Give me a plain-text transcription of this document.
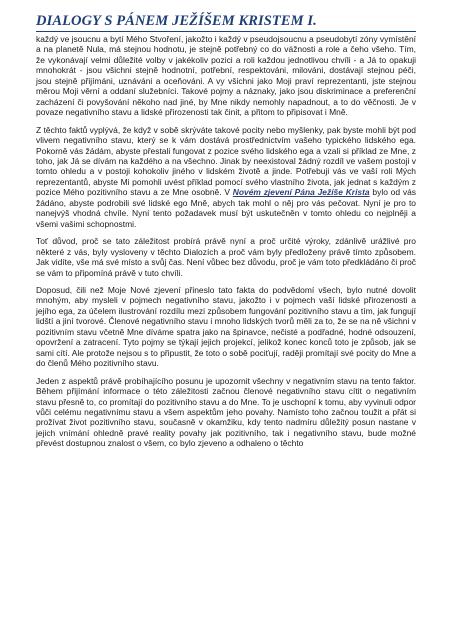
DIALOGY S PÁNEM JEŽÍŠEM KRISTEM I.

každý ve jsoucnu a bytí Mého Stvoření, jakožto i každý v pseudojsoucnu a pseudobytí zóny vymístění a na planetě Nula, má stejnou hodnotu, je stejně potřebný co do vážnosti a role a čeho všeho. Tím, že vykonávají velmi důležité volby v jakékoliv pozici a roli každou jednotlivou chvíli - a Já to opakuji mnohokrát - jsou všichni stejně hodnotní, potřební, respektováni, milováni, dostávají stejnou péči, jsou stejně přijímáni, uznáváni a oceňováni. A vy všichni jako Moji praví reprezentanti, jste stejnou měrou Moji věrní a oddaní služebníci. Takové pojmy a náznaky, jako jsou diskriminace a preferenční zacházení či povyšování někoho nad jiné, by Mne nikdy nemohly napadnout, a to do věčnosti. Je v povaze negativního stavu a lidské přirozenosti tak činit, a přitom to připisovat i Mně.

Z těchto faktů vyplývá, že když v sobě skrýváte takové pocity nebo myšlenky, pak byste mohli být pod vlivem negativního stavu, který se k vám dostává prostřednictvím vašeho typického lidského ega. Pokorně vás žádám, abyste přestali fungovat z pozice svého lidského ega a vzali si příklad ze Mne, z toho, jak Já se dívám na každého a na všechno. Jinak by neexistoval žádný rozdíl ve vašem postoji v tomto ohledu a v postoji kohokoliv jiného v lidském životě a jinde. Potřebuji vás ve vaší roli Mých reprezentantů, abyste Mi pomohli uvést příklad pomocí svého vlastního života, jak jednat s každým z pozice Mého pozitivního stavu a ze Mne osobně. V Novém zjevení Pána Ježíše Krista bylo od vás žádáno, abyste podrobili své lidské ego Mně, abych tak mohl o něj pro vás pečovat. Nyní je pro to nanejvýš vhodná chvíle. Nyní tento požadavek musí být uskutečněn v tomto ohledu co nejplněji a všemi vašimi schopnostmi.

Toť důvod, proč se tato záležitost probírá právě nyní a proč určité výroky, zdánlivě urážlivé pro některé z vás, byly vysloveny v těchto Dialozích a proč vám byly předloženy právě tímto způsobem. Jak vidíte, vše má své místo a svůj čas. Není vůbec bez důvodu, proč je vám toto předkládáno či proč se vám to připomíná právě v tuto chvíli.

Doposud, čili než Moje Nové zjevení přineslo tato fakta do podvědomí všech, bylo nutné dovolit mnohým, aby mysleli v pojmech negativního stavu, jakožto i v pojmech vaší lidské přirozenosti a jejího ega, za účelem ilustrování rozdílu mezi způsobem fungování pozitivního stavu a tím, jak fungují lidští a jiní tvorové. Členové negativního stavu i mnoho lidských tvorů měli za to, že se na ně všichni v pozitivním stavu včetně Mne díváme spatra jako na špinavce, nečisté a podřadné, hodné odsouzení, opovržení a zatracení. Tyto pojmy se týkají jejich projekcí, jelikož konec konců toto je způsob, jak se sami cítí. Ale protože nejsou s to připustit, že toto o sobě pociťují, raději promítají své pocity do Mne a do členů Mého pozitivního stavu.

Jeden z aspektů právě probíhajícího posunu je upozornit všechny v negativním stavu na tento faktor. Během přijímání informace o této záležitosti začnou členové negativního stavu cítit o negativním stavu přesně to, co promítají do pozitivního stavu a do Mne. To je uschopní k tomu, aby vyvinuli odpor vůči celému negativnímu stavu a všem aspektům jeho povahy. Namísto toho začnou toužit a přát si prožívat život pozitivního stavu, současně v okamžiku, kdy tento nadmíru důležitý posun nastane v jejich vnímání ohledně pravé reality povahy jak pozitivního, tak i negativního stavu, bude možné převést dostupnou znalost o všem, co bylo zjeveno a odhaleno o těchto
